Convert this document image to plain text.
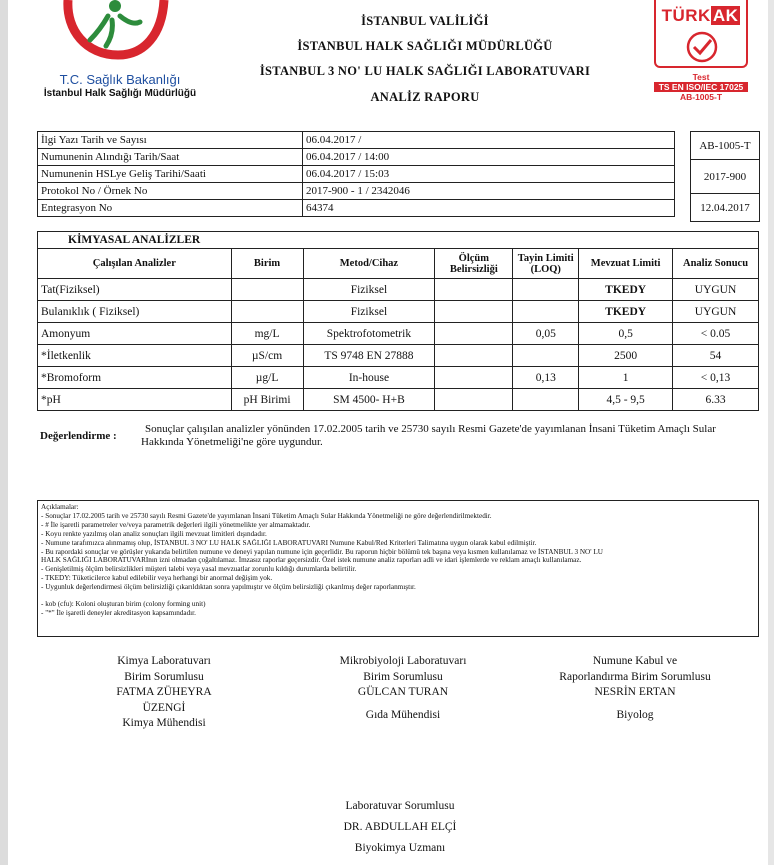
T.C. Sağlık Bakanlığı
İstanbul Halk Sağlığı Müdürlüğü
İSTANBUL VALİLİĞİ
İSTANBUL HALK SAĞLIĞI MÜDÜRLÜĞÜ
İSTANBUL 3 NO' LU HALK SAĞLIĞI LABORATUVARI
ANALİZ RAPORU
TÜRK AK
Test
TS EN ISO/IEC 17025
AB-1005-T
İlgi Yazı Tarih ve Sayısı	06.04.2017 /
Numunenin Alındığı Tarih/Saat	06.04.2017 / 14:00
Numunenin HSLye Geliş Tarihi/Saati	06.04.2017 / 15:03
Protokol No / Örnek No	2017-900 - 1 / 2342046
Entegrasyon No	64374
AB-1005-T
2017-900
12.04.2017
KİMYASAL ANALİZLER
Çalışılan Analizler	Birim	Metod/Cihaz	Ölçüm Belirsizliği	Tayin Limiti (LOQ)	Mevzuat Limiti	Analiz Sonucu
Tat(Fiziksel)		Fiziksel			TKEDY	UYGUN
Bulanıklık ( Fiziksel)		Fiziksel			TKEDY	UYGUN
Amonyum	mg/L	Spektrofotometrik		0,05	0,5	< 0.05
*İletkenlik	µS/cm	TS 9748 EN 27888			2500	54
*Bromoform	µg/L	In-house		0,13	1	< 0,13
*pH	pH Birimi	SM 4500- H+B			4,5 - 9,5	6.33
Değerlendirme :
Sonuçlar çalışılan analizler yönünden 17.02.2005 tarih ve 25730 sayılı Resmi Gazete'de yayımlanan İnsani Tüketim Amaçlı Sular
Hakkında Yönetmeliği'ne göre uygundur.
Açıklamalar:
- Sonuçlar 17.02.2005 tarih ve 25730 sayılı Resmi Gazete'de yayımlanan İnsani Tüketim Amaçlı Sular Hakkında Yönetmeliği ne göre değerlendirilmektedir.
- # İle işaretli parametreler ve/veya parametrik değerleri ilgili yönetmelikte yer almamaktadır.
- Koyu renkte yazılmış olan analiz sonuçları ilgili mevzuat limitleri dışındadır.
- Numune tarafımızca alınmamış olup, İSTANBUL 3 NO' LU HALK SAĞLIĞI LABORATUVARI Numune Kabul/Red Kriterleri Talimatına uygun olarak kabul edilmiştir.
- Bu rapordaki sonuçlar ve görüşler yukarıda belirtilen numune ve deneyi yapılan numune için geçerlidir. Bu raporun hiçbir bölümü tek başına veya kısmen kullanılamaz ve İSTANBUL 3 NO' LU
HALK SAĞLIĞI LABORATUVARInın izni olmadan çoğaltılamaz. İmzasız raporlar geçersizdir. Özel istek numune analiz raporları adli ve idari işlemlerde ve reklam amaçlı kullanılamaz.
- Genişletilmiş ölçüm belirsizlikleri müşteri talebi veya yasal mevzuatlar zorunlu kıldığı durumlarda belirtilir.
- TKEDY: Tüketicilerce kabul edilebilir veya herhangi bir anormal değişim yok.
- Uygunluk değerlendirmesi ölçüm belirsizliği çıkarıldıktan sonra yapılmıştır ve ölçüm belirsizliği çıkarılmış değer raporlanmıştır.
- kob (cfu): Koloni oluşturan birim (colony forming unit)
- "*" İle işaretli deneyler akreditasyon kapsamındadır.
Kimya Laboratuvarı
Birim Sorumlusu
FATMA ZÜHEYRA
ÜZENGİ
Kimya Mühendisi
Mikrobiyoloji Laboratuvarı
Birim Sorumlusu
GÜLCAN TURAN
Gıda Mühendisi
Numune Kabul ve
Raporlandırma Birim Sorumlusu
NESRİN ERTAN
Biyolog
Laboratuvar Sorumlusu
DR. ABDULLAH ELÇİ
Biyokimya Uzmanı
